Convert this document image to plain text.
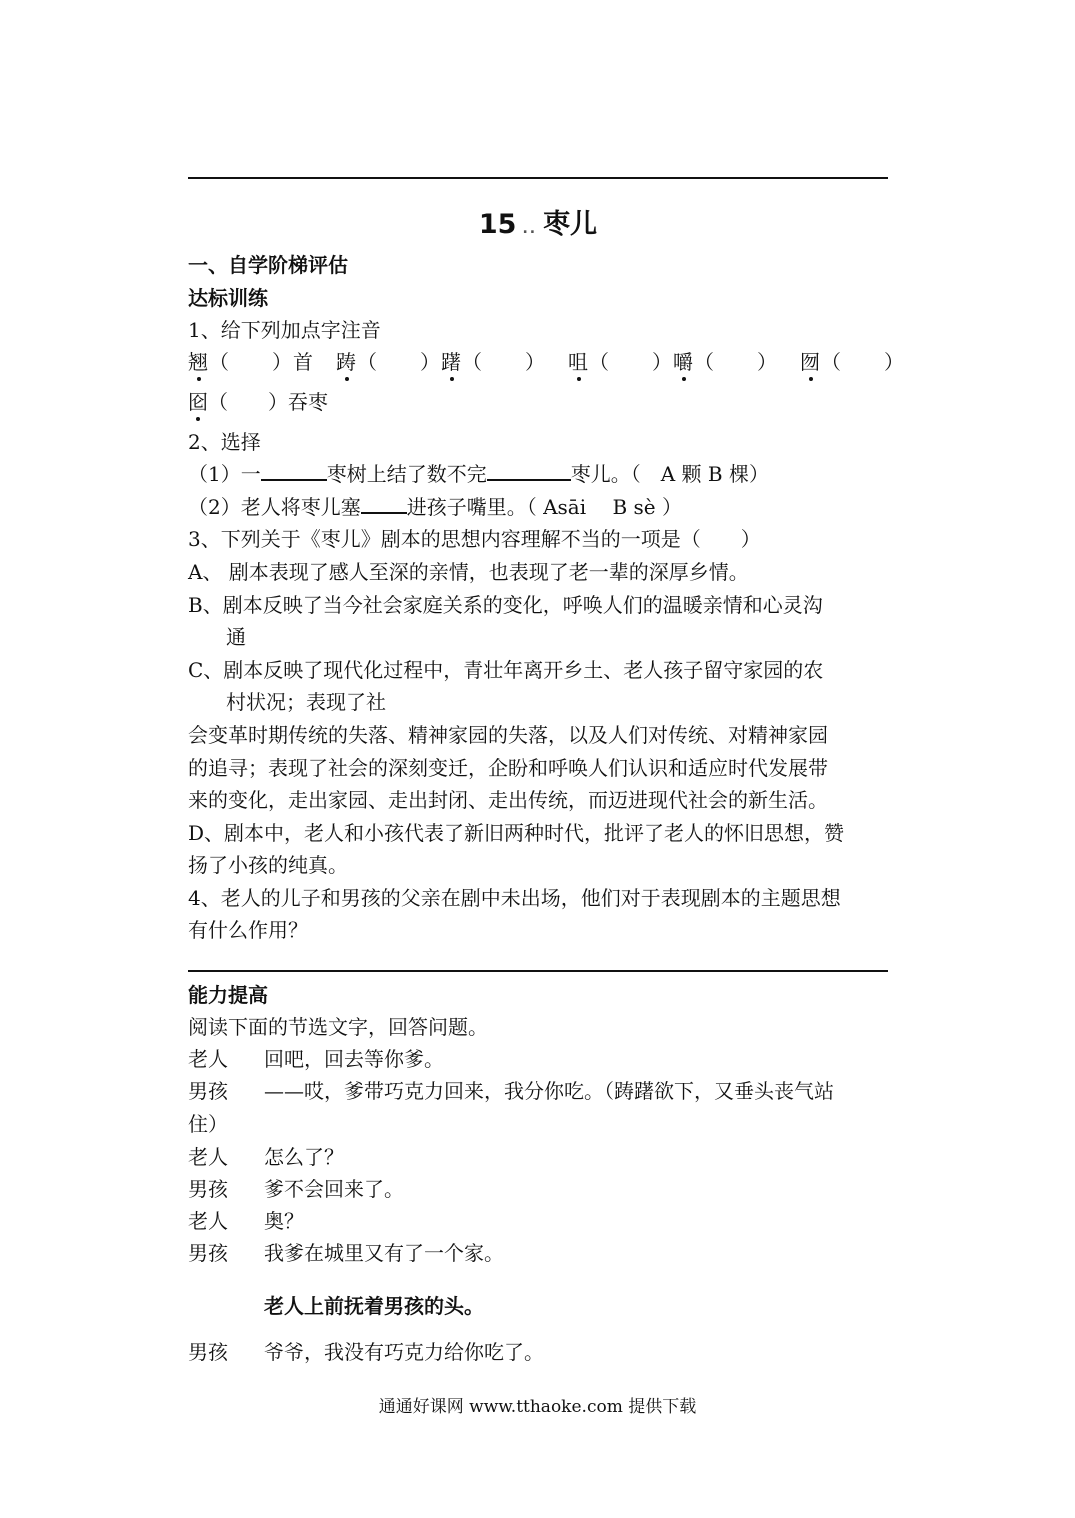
15 .. 枣儿
一、自学阶梯评估
达标训练
1、给下列加点字注音
翘（　　）首 踌（　　）躇（　　） 咀（　　）嚼（　　） 囫（　　）
囵（　　）吞枣
2、选择
（1）一	枣树上结了数不完	枣儿。（　A 颗 B 棵）
（2）老人将枣儿塞 进孩子嘴里。（ Asāi　 B sè ）
3、下列关于《枣儿》剧本的思想内容理解不当的一项是（　　）
A、 剧本表现了感人至深的亲情，也表现了老一辈的深厚乡情。
B、剧本反映了当今社会家庭关系的变化，呼唤人们的温暖亲情和心灵沟
通
C、剧本反映了现代化过程中，青壮年离开乡土、老人孩子留守家园的农
村状况；表现了社
会变革时期传统的失落、精神家园的失落，以及人们对传统、对精神家园
的追寻；表现了社会的深刻变迁，企盼和呼唤人们认识和适应时代发展带
来的变化，走出家园、走出封闭、走出传统，而迈进现代社会的新生活。
D、剧本中，老人和小孩代表了新旧两种时代，批评了老人的怀旧思想，赞
扬了小孩的纯真。
4、老人的儿子和男孩的父亲在剧中未出场，他们对于表现剧本的主题思想
有什么作用？
能力提高
阅读下面的节选文字，回答问题。
老人 回吧，回去等你爹。
男孩 ——哎，爹带巧克力回来，我分你吃。（踌躇欲下，又垂头丧气站
住）
老人 怎么了？
男孩 爹不会回来了。
老人 奥？
男孩 我爹在城里又有了一个家。
老人上前抚着男孩的头。
男孩 爷爷，我没有巧克力给你吃了。
通通好课网 www.tthaoke.com 提供下载
